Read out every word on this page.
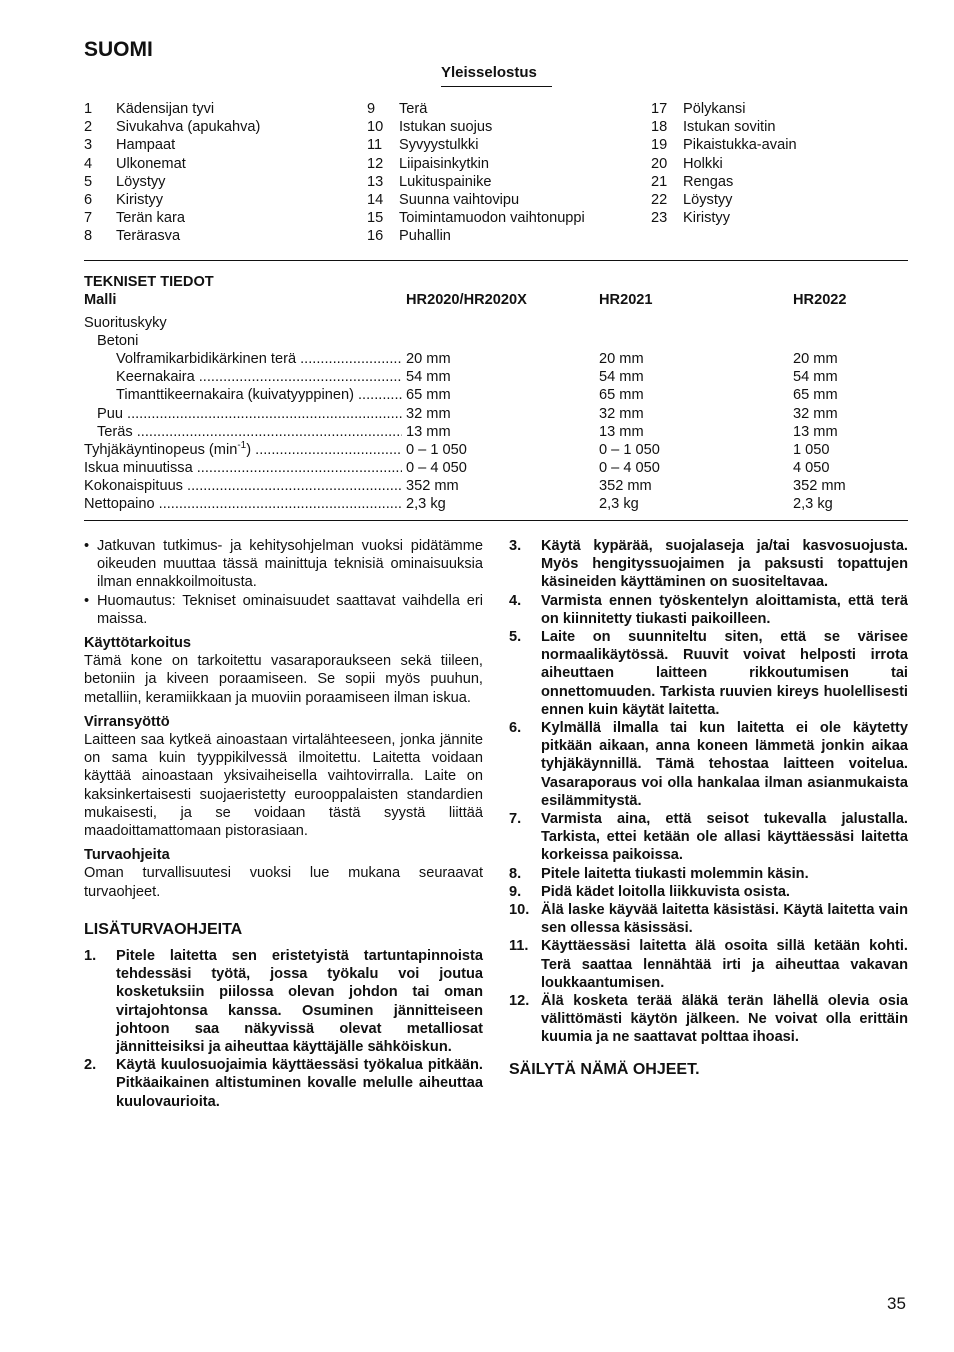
SUOMI
Yleisselostus
1	Kädensijan tyvi
2	Sivukahva (apukahva)
3	Hampaat
4	Ulkonemat
5	Löystyy
6	Kiristyy
7	Terän kara
8	Terärasva
9	Terä
10	Istukan suojus
11	Syvyystulkki
12	Liipaisinkytkin
13	Lukituspainike
14	Suunna vaihtovipu
15	Toimintamuodon vaihtonuppi
16	Puhallin
17	Pölykansi
18	Istukan sovitin
19	Pikaistukka-avain
20	Holkki
21	Rengas
22	Löystyy
23	Kiristyy
TEKNISET TIEDOT
Malli	HR2020/HR2020X	HR2021	HR2022
Suorituskyky
Betoni
Volframikarbidikärkinen terä .....	20 mm	20 mm	20 mm
Keernakaira .....	54 mm	54 mm	54 mm
Timanttikeernakaira (kuivatyyppinen) .....	65 mm	65 mm	65 mm
Puu .....	32 mm	32 mm	32 mm
Teräs .....	13 mm	13 mm	13 mm
Tyhjäkäyntinopeus $(\min^{-1})$ .....	0 – 1 050	0 – 1 050	1 050
Iskua minuutissa .....	0 – 4 050	0 – 4 050	4 050
Kokonaispituus .....	352 mm	352 mm	352 mm
Nettopaino .....	2,3 kg	2,3 kg	2,3 kg

• Jatkuvan tutkimus- ja kehitysohjelman vuoksi pidätämme oikeuden muuttaa tässä mainittuja teknisiä ominaisuuksia ilman ennakkoilmoitusta.

• Huomautus: Tekniset ominaisuudet saattavat vaihdella eri maissa.

Käyttötarkoitus

Tämä kone on tarkoitettu vasaraporaukseen sekä tiileen, betoniin ja kiveen poraamiseen. Se sopii myös puuhun, metalliin, keramiikkaan ja muoviin poraamiseen ilman iskua.

Virransyöttö

Laitteen saa kytkeä ainoastaan virtalähteeseen, jonka jännite on sama kuin tyyppikilvessä ilmoitettu. Laitetta voidaan käyttää ainoastaan yksivaiheisella vaihtovirralla. Laite on kaksinkertaisesti suojaeristetty eurooppalaisten standardien mukaisesti, ja se voidaan tästä syystä liittää maadoittamattomaan pistorasiaan.

Turvaohjeita

Oman turvallisuutesi vuoksi lue mukana seuraavat turvaohjeet.

LISÄTURVAOHJEITA

1. Pitele laitetta sen eristetyistä tartuntapinnoista tehdessäsi työtä, jossa työkalu voi joutua kosketuksiin piilossa olevan johdon tai oman virtajohtonsa kanssa. Osuminen jännitteiseen johtoon saa näkyvissä olevat metalliosat jännitteisiksi ja aiheuttaa käyttäjälle sähköiskun.

2. Käytä kuulosuojaimia käyttäessäsi työkalua pitkään. Pitkäaikainen altistuminen kovalle melulle aiheuttaa kuulovaurioita.

3. Käytä kypärää, suojalaseja ja/tai kasvosuojusta. Myös hengityssuojaimen ja paksusti topattujen käsineiden käyttäminen on suositeltavaa.

4. Varmista ennen työskentelyn aloittamista, että terä on kiinnitetty tiukasti paikoilleen.

5. Laite on suunniteltu siten, että se värisee normaalikäytössä. Ruuvit voivat helposti irrota aiheuttaen laitteen rikkoutumisen tai onnettomuuden. Tarkista ruuvien kireys huolellisesti ennen kuin käytät laitetta.

6. Kylmällä ilmalla tai kun laitetta ei ole käytetty pitkään aikaan, anna koneen lämmetä jonkin aikaa tyhjäkäynnillä. Tämä tehostaa laitteen voitelua. Vasaraporaus voi olla hankalaa ilman asianmukaista esilämmitystä.

7. Varmista aina, että seisot tukevalla jalustalla. Tarkista, ettei ketään ole allasi käyttäessäsi laitetta korkeissa paikoissa.

8. Pitele laitetta tiukasti molemmin käsin.

9. Pidä kädet loitolla liikkuvista osista.

10. Älä laske käyvää laitetta käsistäsi. Käytä laitetta vain sen ollessa käsissäsi.

11. Käyttäessäsi laitetta älä osoita sillä ketään kohti. Terä saattaa lennähtää irti ja aiheuttaa vakavan loukkaantumisen.

12. Älä kosketa terää äläkä terän lähellä olevia osia välittömästi käytön jälkeen. Ne voivat olla erittäin kuumia ja ne saattavat polttaa ihoasi.

SÄILYTÄ NÄMÄ OHJEET.

35
